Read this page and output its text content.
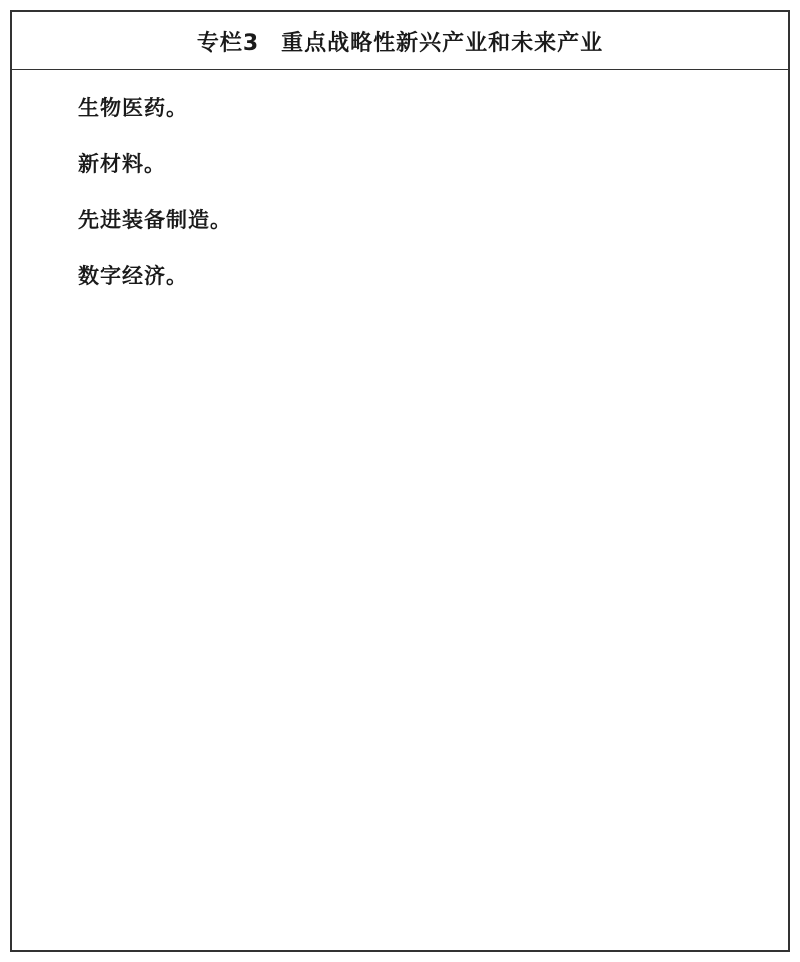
专栏3 重点战略性新兴产业和未来产业

生物医药。

新材料。

先进装备制造。

数字经济。
